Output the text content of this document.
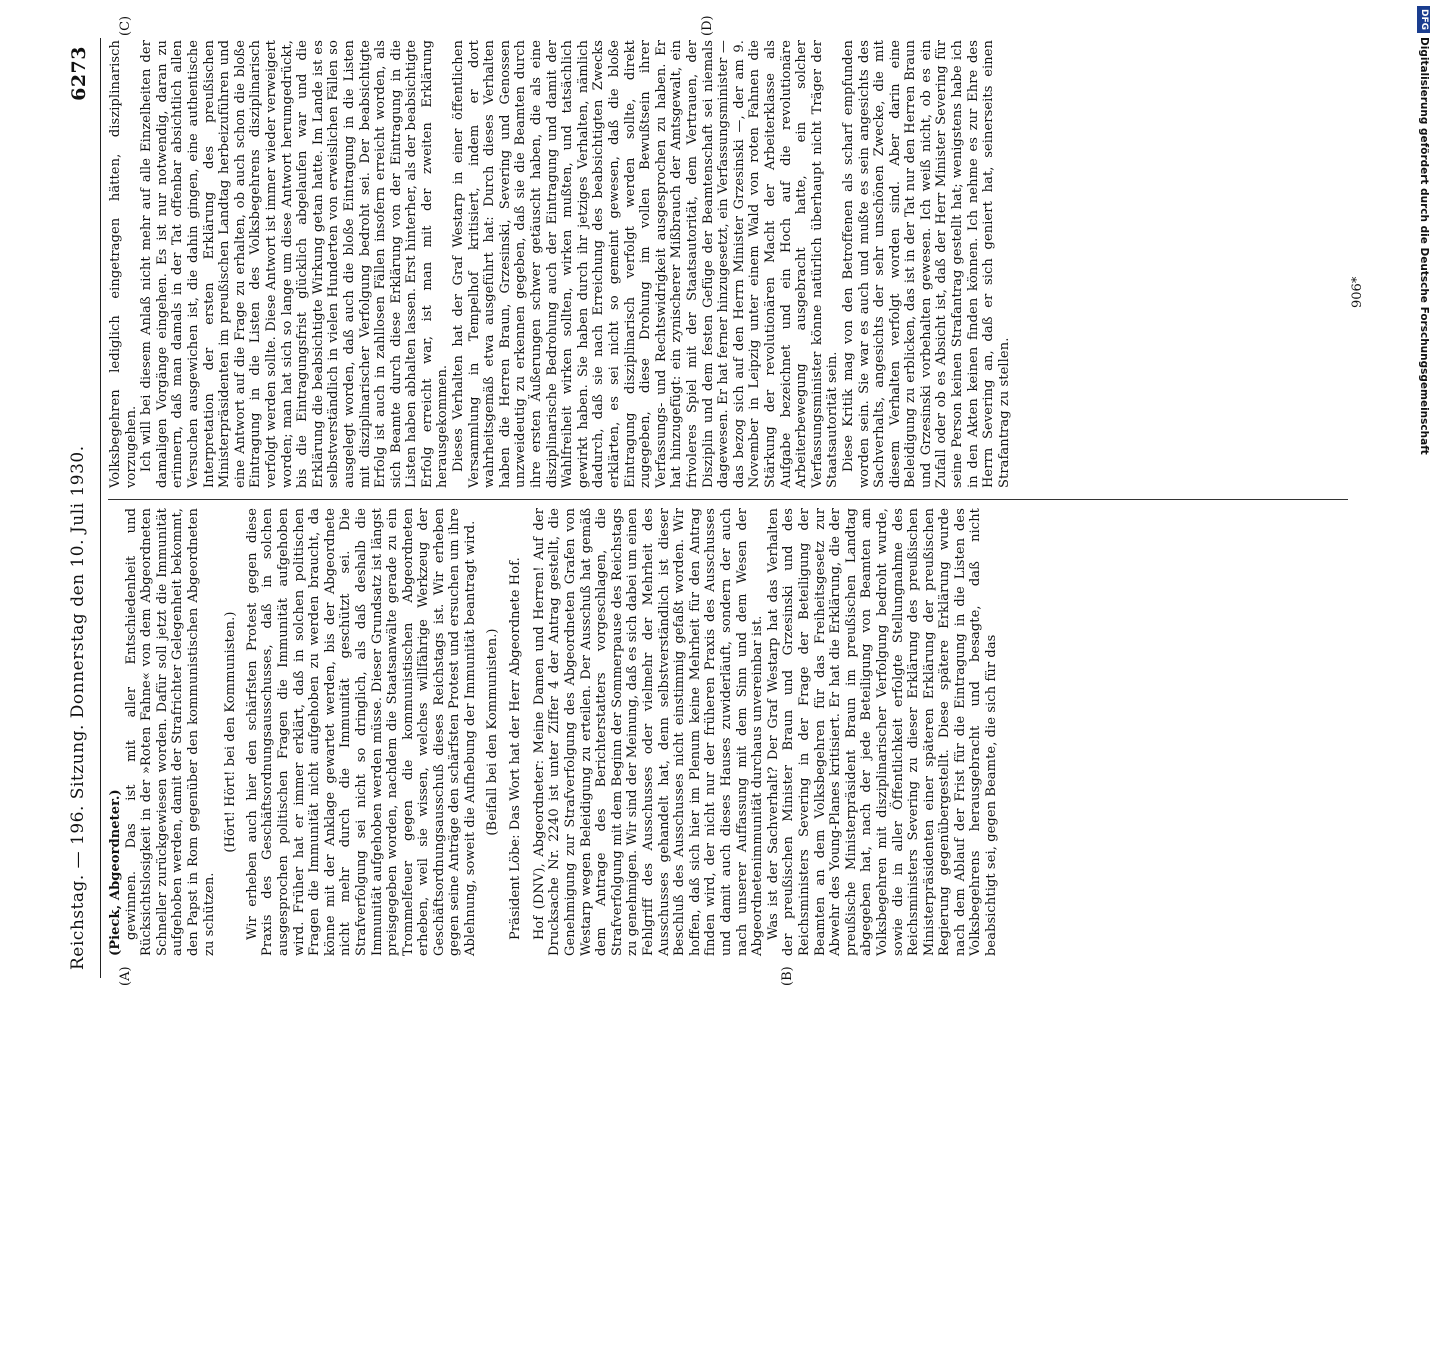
Reichstag. — 196. Sitzung. Donnerstag den 10. Juli 1930.
6273
(A)	(B)
(C)	(D)

(Pieck, Abgeordneter.) gewinnen. Das ist mit aller Entschiedenheit und Rücksichtslosigkeit in der »Roten Fahne« von dem Abgeordneten Schneller zurückgewiesen worden. Dafür soll jetzt die Immunität aufgehoben werden, damit der Strafrichter Gelegenheit bekommt, den Papst in Rom gegenüber den kommunistischen Abgeordneten zu schützen.

(Hört! Hört! bei den Kommunisten.) Wir erheben auch hier den schärfsten Protest gegen diese Praxis des Geschäftsordnungsausschusses, daß in solchen ausgesprochen politischen Fragen die Immunität aufgehoben wird. Früher hat er immer erklärt, daß in solchen politischen Fragen die Immunität nicht aufgehoben zu werden braucht, da könne mit der Anklage gewartet werden, bis der Abgeordnete nicht mehr durch die Immunität geschützt sei. Die Strafverfolgung sei nicht so dringlich, als daß deshalb die Immunität aufgehoben werden müsse. Dieser Grundsatz ist längst preisgegeben worden, nachdem die Staatsanwälte gerade zu ein Trommelfeuer gegen die kommunistischen Abgeordneten erheben, weil sie wissen, welches willfährige Werkzeug der Geschäftsordnungsausschuß dieses Reichstags ist. Wir erheben gegen seine Anträge den schärfsten Protest und ersuchen um ihre Ablehnung, soweit die Aufhebung der Immunität beantragt wird. (Beifall bei den Kommunisten.) Präsident Löbe: Das Wort hat der Herr Abgeordnete Hof. Hof (DNV), Abgeordneter: Meine Damen und Herren! Auf der Drucksache Nr. 2240 ist unter Ziffer 4 der Antrag gestellt, die Genehmigung zur Strafverfolgung des Abgeordneten Grafen von Westarp wegen Beleidigung zu erteilen. Der Ausschuß hat gemäß dem Antrage des Berichterstatters vorgeschlagen, die Strafverfolgung mit dem Beginn der Sommerpause des Reichstags zu genehmigen. Wir sind der Meinung, daß es sich dabei um einen Fehlgriff des Ausschusses oder vielmehr der Mehrheit des Ausschusses gehandelt hat, denn selbstverständlich ist dieser Beschluß des Ausschusses nicht einstimmig gefaßt worden. Wir hoffen, daß sich hier im Plenum keine Mehrheit für den Antrag finden wird, der nicht nur der früheren Praxis des Ausschusses und damit auch dieses Hauses zuwiderläuft, sondern der auch nach unserer Auffassung mit dem Sinn und dem Wesen der Abgeordnetenimmunität durchaus unvereinbar ist. Was ist der Sachverhalt? Der Graf Westarp hat das Verhalten der preußischen Minister Braun und Grzesinski und des Reichsministers Severing in der Frage der Beteiligung der Beamten an dem Volksbegehren für das Freiheitsgesetz zur Abwehr des Young-Planes kritisiert. Er hat die Erklärung, die der preußische Ministerpräsident Braun im preußischen Landtag abgegeben hat, nach der jede Beteiligung von Beamten am Volksbegehren mit disziplinarischer Verfolgung bedroht wurde, sowie die in aller Öffentlichkeit erfolgte Stellungnahme des Reichsministers Severing zu dieser Erklärung des preußischen Ministerpräsidenten einer späteren Erklärung der preußischen Regierung gegenübergestellt. Diese spätere Erklärung wurde nach dem Ablauf der Frist für die Eintragung in die Listen des Volksbegehrens herausgebracht und besagte, daß nicht beabsichtigt sei, gegen Beamte, die sich für das

Volksbegehren lediglich eingetragen hätten, disziplinarisch vorzugehen. Ich will bei diesem Anlaß nicht mehr auf alle Einzelheiten der damaligen Vorgänge eingehen. Es ist nur notwendig, daran zu erinnern, daß man damals in der Tat offenbar absichtlich allen Versuchen ausgewichen ist, die dahin gingen, eine authentische Interpretation der ersten Erklärung des preußischen Ministerpräsidenten im preußischen Landtag herbeizuführen und eine Antwort auf die Frage zu erhalten, ob auch schon die bloße Eintragung in die Listen des Volksbegehrens disziplinarisch verfolgt werden sollte. Diese Antwort ist immer wieder verweigert worden; man hat sich so lange um diese Antwort herumgedrückt, bis die Eintragungsfrist glücklich abgelaufen war und die Erklärung die beabsichtigte Wirkung getan hatte. Im Lande ist es selbstverständlich in vielen Hunderten von erweislichen Fällen so ausgelegt worden, daß auch die bloße Eintragung in die Listen mit disziplinarischer Verfolgung bedroht sei. Der beabsichtigte Erfolg ist auch in zahllosen Fällen insofern erreicht worden, als sich Beamte durch diese Erklärung von der Eintragung in die Listen haben abhalten lassen. Erst hinterher, als der beabsichtigte Erfolg erreicht war, ist man mit der zweiten Erklärung herausgekommen. Dieses Verhalten hat der Graf Westarp in einer öffentlichen Versammlung in Tempelhof kritisiert, indem er dort wahrheitsgemäß etwa ausgeführt hat: Durch dieses Verhalten haben die Herren Braun, Grzesinski, Severing und Genossen unzweideutig zu erkennen gegeben, daß sie die Beamten durch ihre ersten Äußerungen schwer getäuscht haben, die als eine disziplinarische Bedrohung auch der Eintragung und damit der Wahlfreiheit wirken sollten, wirken mußten, und tatsächlich gewirkt haben. Sie haben durch ihr jetziges Verhalten, nämlich dadurch, daß sie nach Erreichung des beabsichtigten Zwecks erklärten, es sei nicht so gemeint gewesen, daß die bloße Eintragung disziplinarisch verfolgt werden sollte, direkt zugegeben, diese Drohung im vollen Bewußtsein ihrer Verfassungs- und Rechtswidrigkeit ausgesprochen zu haben. Er hat hinzugefügt: ein zynischerer Mißbrauch der Amtsgewalt, ein frivoleres Spiel mit der Staatsautorität, dem Vertrauen, der Disziplin und dem festen Gefüge der Beamtenschaft sei niemals dagewesen. Er hat ferner hinzugesetzt, ein Verfassungsminister — das bezog sich auf den Herrn Minister Grzesinski —, der am 9. November in Leipzig unter einem Wald von roten Fahnen die Stärkung der revolutionären Macht der Arbeiterklasse als Aufgabe bezeichnet und ein Hoch auf die revolutionäre Arbeiterbewegung ausgebracht hatte, ein solcher Verfassungsminister könne natürlich überhaupt nicht Träger der Staatsautorität sein. Diese Kritik mag von den Betroffenen als scharf empfunden worden sein. Sie war es auch und mußte es sein angesichts des Sachverhalts, angesichts der sehr unschönen Zwecke, die mit diesem Verhalten verfolgt worden sind. Aber darin eine Beleidigung zu erblicken, das ist in der Tat nur den Herren Braun und Grzesinski vorbehalten gewesen. Ich weiß nicht, ob es ein Zufall oder ob es Absicht ist, daß der Herr Minister Severing für seine Person keinen Strafantrag gestellt hat; wenigstens habe ich in den Akten keinen finden können. Ich nehme es zur Ehre des Herrn Severing an, daß er sich geniert hat, seinerseits einen Strafantrag zu stellen.

906*
DFGDigitalisierung gefördert durch die Deutsche Forschungsgemeinschaft
